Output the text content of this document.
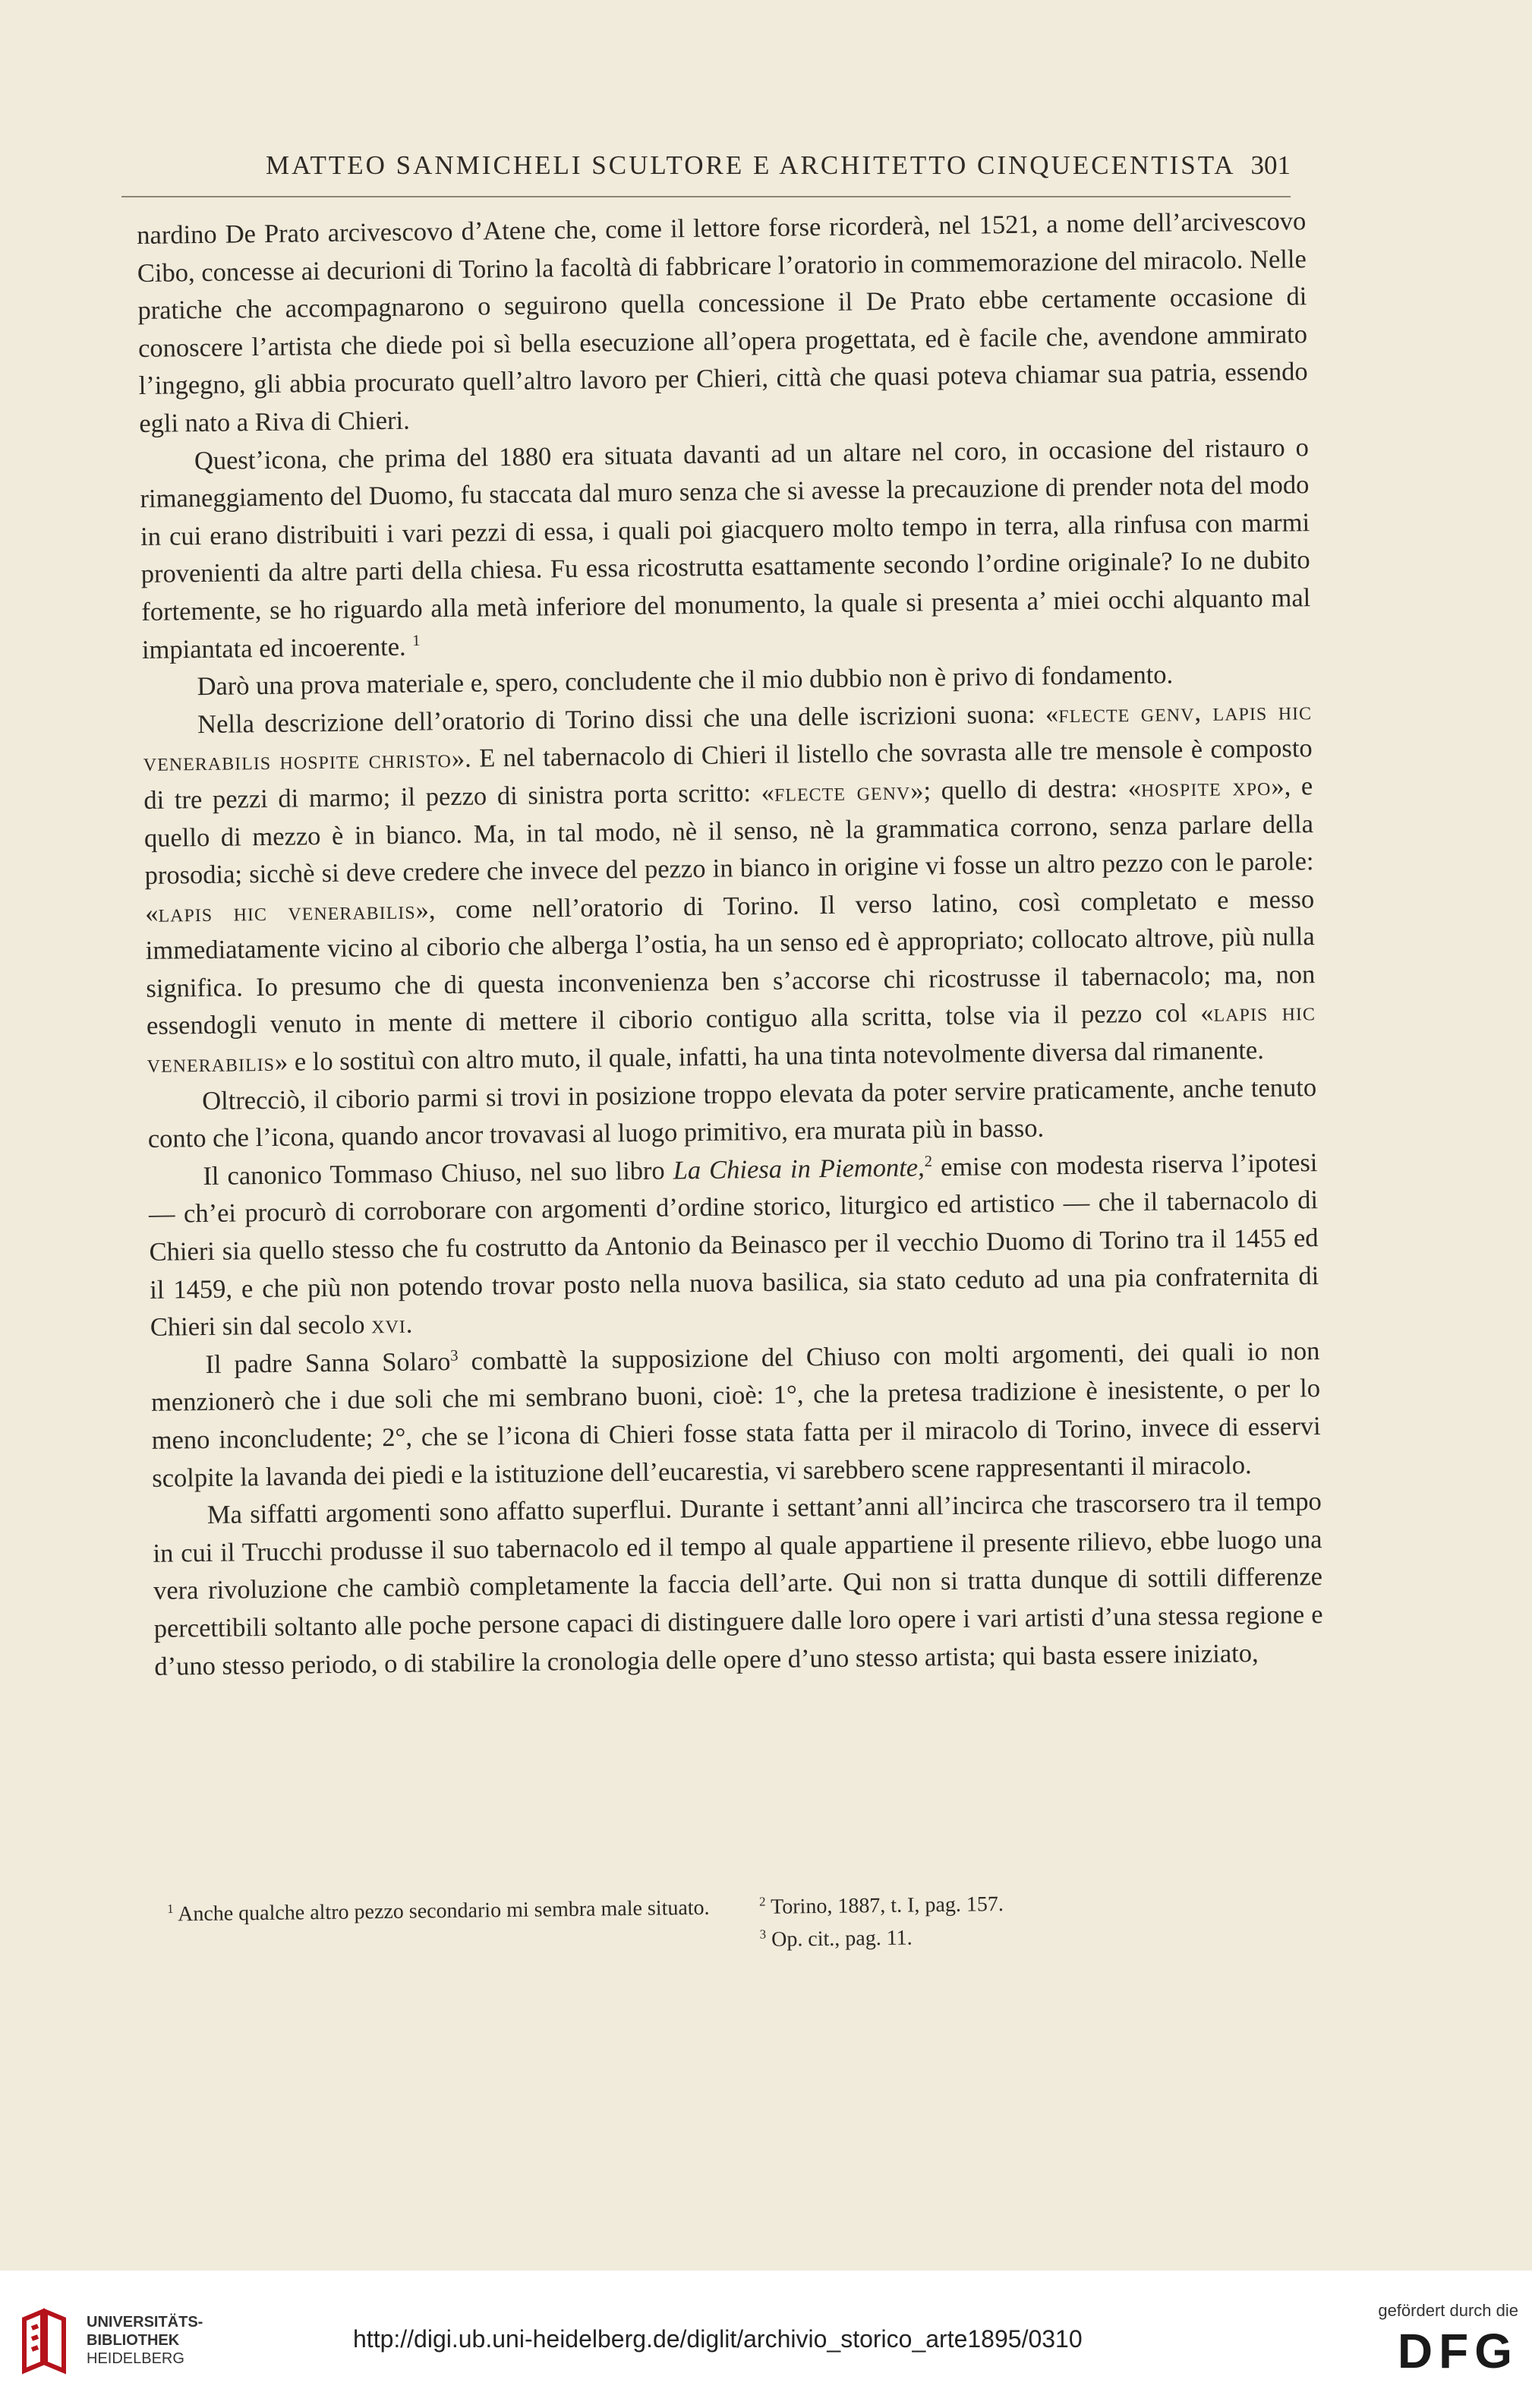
MATTEO SANMICHELI SCULTORE E ARCHITETTO CINQUECENTISTA 301

nardino De Prato arcivescovo d’Atene che, come il lettore forse ricorderà, nel 1521, a nome dell’arcivescovo Cibo, concesse ai decurioni di Torino la facoltà di fabbricare l’oratorio in commemorazione del miracolo. Nelle pratiche che accompagnarono o seguirono quella concessione il De Prato ebbe certamente occasione di conoscere l’artista che diede poi sì bella esecuzione all’opera progettata, ed è facile che, avendone ammirato l’ingegno, gli abbia procurato quell’altro lavoro per Chieri, città che quasi poteva chiamar sua patria, essendo egli nato a Riva di Chieri.

Quest’icona, che prima del 1880 era situata davanti ad un altare nel coro, in occasione del ristauro o rimaneggiamento del Duomo, fu staccata dal muro senza che si avesse la precauzione di prender nota del modo in cui erano distribuiti i vari pezzi di essa, i quali poi giacquero molto tempo in terra, alla rinfusa con marmi provenienti da altre parti della chiesa. Fu essa ricostrutta esattamente secondo l’ordine originale? Io ne dubito fortemente, se ho riguardo alla metà inferiore del monumento, la quale si presenta a’ miei occhi alquanto mal impiantata ed incoerente. $^1$

Darò una prova materiale e, spero, concludente che il mio dubbio non è privo di fondamento.

Nella descrizione dell’oratorio di Torino dissi che una delle iscrizioni suona: «flecte genv, lapis hic venerabilis hospite christo». E nel tabernacolo di Chieri il listello che sovrasta alle tre mensole è composto di tre pezzi di marmo; il pezzo di sinistra porta scritto: «flecte genv»; quello di destra: «hospite xpo», e quello di mezzo è in bianco. Ma, in tal modo, nè il senso, nè la grammatica corrono, senza parlare della prosodia; sicchè si deve credere che invece del pezzo in bianco in origine vi fosse un altro pezzo con le parole: «lapis hic venerabilis», come nell’oratorio di Torino. Il verso latino, così completato e messo immediatamente vicino al ciborio che alberga l’ostia, ha un senso ed è appropriato; collocato altrove, più nulla significa. Io presumo che di questa inconvenienza ben s’accorse chi ricostrusse il tabernacolo; ma, non essendogli venuto in mente di mettere il ciborio contiguo alla scritta, tolse via il pezzo col «lapis hic venerabilis» e lo sostituì con altro muto, il quale, infatti, ha una tinta notevolmente diversa dal rimanente.

Oltrecciò, il ciborio parmi si trovi in posizione troppo elevata da poter servire praticamente, anche tenuto conto che l’icona, quando ancor trovavasi al luogo primitivo, era murata più in basso.

Il canonico Tommaso Chiuso, nel suo libro La Chiesa in Piemonte,$^2$ emise con modesta riserva l’ipotesi — ch’ei procurò di corroborare con argomenti d’ordine storico, liturgico ed artistico — che il tabernacolo di Chieri sia quello stesso che fu costrutto da Antonio da Beinasco per il vecchio Duomo di Torino tra il 1455 ed il 1459, e che più non potendo trovar posto nella nuova basilica, sia stato ceduto ad una pia confraternita di Chieri sin dal secolo xvi.

Il padre Sanna Solaro$^3$ combattè la supposizione del Chiuso con molti argomenti, dei quali io non menzionerò che i due soli che mi sembrano buoni, cioè: 1°, che la pretesa tradizione è inesistente, o per lo meno inconcludente; 2°, che se l’icona di Chieri fosse stata fatta per il miracolo di Torino, invece di esservi scolpite la lavanda dei piedi e la istituzione dell’eucarestia, vi sarebbero scene rappresentanti il miracolo.

Ma siffatti argomenti sono affatto superflui. Durante i settant’anni all’incirca che trascorsero tra il tempo in cui il Trucchi produsse il suo tabernacolo ed il tempo al quale appartiene il presente rilievo, ebbe luogo una vera rivoluzione che cambiò completamente la faccia dell’arte. Qui non si tratta dunque di sottili differenze percettibili soltanto alle poche persone capaci di distinguere dalle loro opere i vari artisti d’una stessa regione e d’uno stesso periodo, o di stabilire la cronologia delle opere d’uno stesso artista; qui basta essere iniziato,

$^1$ Anche qualche altro pezzo secondario mi sembra male situato.	$^2$ Torino, 1887, t. I, pag. 157.

$^3$ Op. cit., pag. 11.

UNIVERSITÄTS-
BIBLIOTHEK
HEIDELBERG
http://digi.ub.uni-heidelberg.de/diglit/archivio_storico_arte1895/0310
gefördert durch die
DFG
